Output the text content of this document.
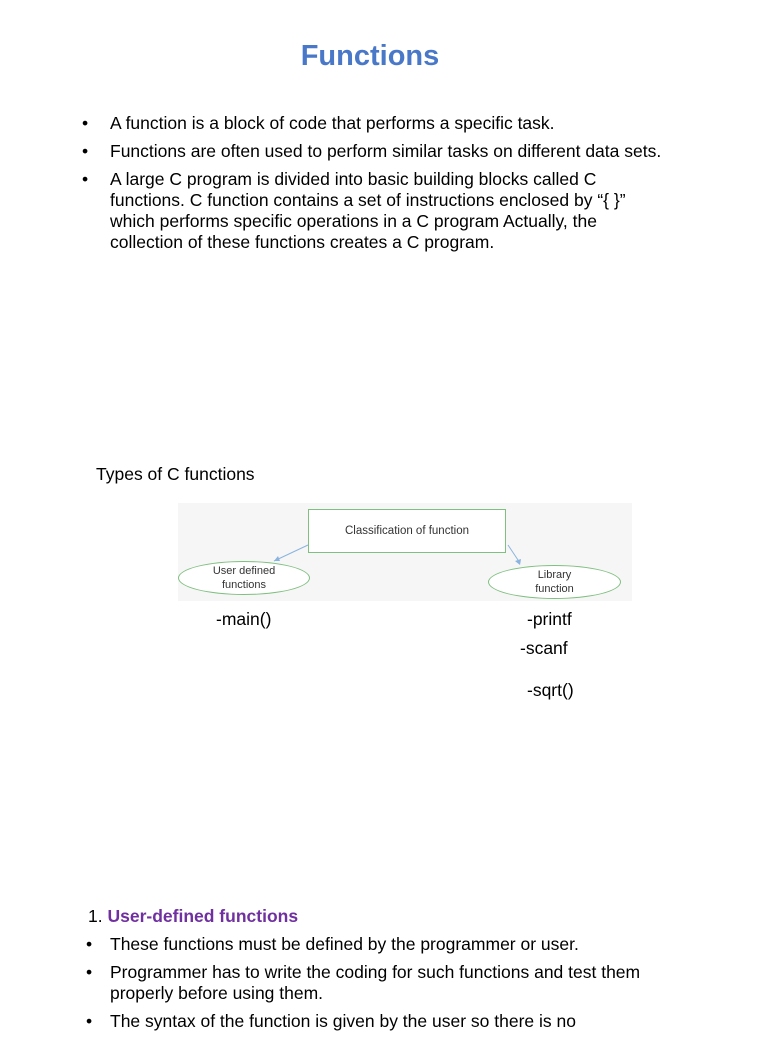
Functions
• A function is a block of code that performs a specific task.
• Functions are often used to perform similar tasks on different data sets.
• A large C program is divided into basic building blocks called C functions. C function contains a set of instructions enclosed by “{ }” which performs specific operations in a C program Actually, the collection of these functions creates a C program.
Types of C functions
Classification of function
User defined functions
Library function
-main()	-printf
-scanf
-sqrt()
1. User-defined functions
• These functions must be defined by the programmer or user.
• Programmer has to write the coding for such functions and test them properly before using them.
• The syntax of the function is given by the user so there is no
